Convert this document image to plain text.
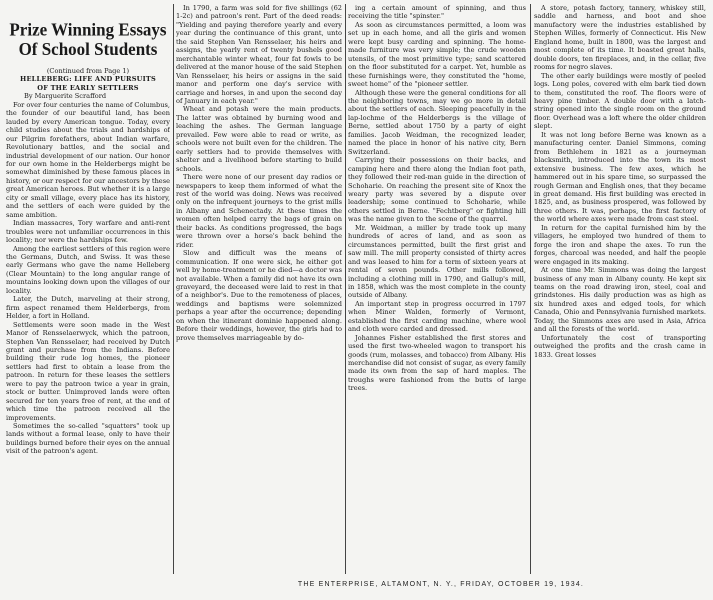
Prize Winning Essays
Of School Students

(Continued from Page 1)

HELLEBERG: LIFE AND PURSUITS

OF THE EARLY SETTLERS

By Marguerite Scrafford

For over four centuries the name of Columbus, the founder of our beautiful land, has been lauded by every American tongue. Today, every child studies about the trials and hardships of our Pilgrim forefathers, about Indian warfare, Revolutionary battles, and the social and industrial development of our nation. Our honor for our own home in the Helderbergs might be somewhat diminished by these famous places in history, or our respect for our ancestors by these great American heroes. But whether it is a large city or small village, every place has its history, and the settlers of each were guided by the same ambition.

Indian massacres, Tory warfare and anti-rent troubles were not unfamiliar occurrences in this locality; nor were the hardships few.

Among the earliest settlers of this region were the Germans, Dutch, and Swiss. It was these early Germans who gave the name Helleberg (Clear Mountain) to the long angular range of mountains looking down upon the villages of our locality.

Later, the Dutch, marveling at their strong, firm aspect renamed them Helderbergs, from Helder, a fort in Holland.

Settlements were soon made in the West Manor of Rensselaerwyck, which the patroon, Stephen Van Rensselaer, had received by Dutch grant and purchase from the Indians. Before building their rude log homes, the pioneer settlers had first to obtain a lease from the patroon. In return for these leases the settlers were to pay the patroon twice a year in grain, stock or butter. Unimproved lands were often secured for ten years free of rent, at the end of which time the patroon received all the improvements.

Sometimes the so-called "squatters" took up lands without a formal lease, only to have their buildings burned before their eyes on the annual visit of the patroon's agent.

In 1790, a farm was sold for five shillings (62 1-2c) and patroon's rent. Part of the deed reads: "Yielding and paying therefore yearly and every year during the continuance of this grant, unto the said Stephen Van Rensselaer, his heirs and assigns, the yearly rent of twenty bushels good merchantable winter wheat, four fat fowls to be delivered at the manor house of the said Stephen Van Rensselaer, his heirs or assigns in the said manor and perform one day's service with carriage and horses, in and upon the second day of January in each year."

Wheat and potash were the main products. The latter was obtained by burning wood and leaching the ashes. The German language prevailed. Few were able to read or write, as schools were not built even for the children. The early settlers had to provide themselves with shelter and a livelihood before starting to build schools.

There were none of our present day radios or newspapers to keep them informed of what the rest of the world was doing. News was received only on the infrequent journeys to the grist mills in Albany and Schenectady. At these times the women often helped carry the bags of grain on their backs. As conditions progressed, the bags were thrown over a horse's back behind the rider.

Slow and difficult was the means of communication. If one were sick, he either got well by home-treatment or he died—a doctor was not available. When a family did not have its own graveyard, the deceased were laid to rest in that of a neighbor's. Due to the remoteness of places, weddings and baptisms were solemnized perhaps a year after the occurrence; depending on when the itinerant dominie happened along. Before their weddings, however, the girls had to prove themselves marriageable by do-

ing a certain amount of spinning, and thus receiving the title "spinster."

As soon as circumstances permitted, a loom was set up in each home, and all the girls and women were kept busy carding and spinning. The home-made furniture was very simple; the crude wooden utensils, of the most primitive type; sand scattered on the floor substituted for a carpet. Yet, humble as these furnishings were, they constituted the "home, sweet home" of the "pioneer settler.

Although these were the general conditions for all the neighboring towns, may we go more in detail about the settlers of each. Sleeping peacefully in the lap-lochme of the Helderbergs is the village of Berne, settled about 1750 by a party of eight families. Jacob Weidman, the recognized leader, named the place in honor of his native city, Bern Switzerland.

Carrying their possessions on their backs, and camping here and there along the Indian foot path, they followed their red-man guide in the direction of Schoharie. On reaching the present site of Knox the weary party was severed by a dispute over leadership; some continued to Schoharie, while others settled in Berne. "Fechtberg" or fighting hill was the name given to the scene of the quarrel.

Mr. Weidman, a miller by trade took up many hundreds of acres of land, and as soon as circumstances permitted, built the first grist and saw mill. The mill property consisted of thirty acres and was leased to him for a term of sixteen years at rental of seven pounds. Other mills followed, including a clothing mill in 1790, and Gallup's mill, in 1858, which was the most complete in the county outside of Albany.

An important step in progress occurred in 1797 when Miner Walden, formerly of Vermont, established the first carding machine, where wool and cloth were carded and dressed.

Johannes Fisher established the first stores and used the first two-wheeled wagon to transport his goods (rum, molasses, and tobacco) from Albany. His merchandise did not consist of sugar, as every family made its own from the sap of hard maples. The troughs were fashioned from the butts of large trees.

A store, potash factory, tannery, whiskey still, saddle and harness, and boot and shoe manufactory were the industries established by Stephen Willes, formerly of Connecticut. His New England home, built in 1800, was the largest and most complete of its time. It boasted great halls, double doors, ten fireplaces, and, in the cellar, five rooms for negro slaves.

The other early buildings were mostly of peeled logs. Long poles, covered with elm bark tied down to them, constituted the roof. The floors were of heavy pine timber. A double door with a latch-string opened into the single room on the ground floor. Overhead was a loft where the older children slept.

It was not long before Berne was known as a manufacturing center. Daniel Simmons, coming from Bethlehem in 1821 as a journeyman blacksmith, introduced into the town its most extensive business. The few axes, which he hammered out in his spare time, so surpassed the rough German and English ones, that they became in great demand. His first building was erected in 1825, and, as business prospered, was followed by three others. It was, perhaps, the first factory of the world where axes were made from cast steel.

In return for the capital furnished him by the villagers, he employed two hundred of them to forge the iron and shape the axes. To run the forges, charcoal was needed, and half the people were engaged in its making.

At one time Mr. Simmons was doing the largest business of any man in Albany county. He kept six teams on the road drawing iron, steel, coal and grindstones. His daily production was as high as six hundred axes and edged tools, for which Canada, Ohio and Pennsylvania furnished markets. Today, the Simmons axes are used in Asia, Africa and all the forests of the world.

Unfortunately the cost of transporting outweighed the profits and the crash came in 1833. Great losses

THE ENTERPRISE, ALTAMONT, N. Y., FRIDAY, OCTOBER 19, 1934.
